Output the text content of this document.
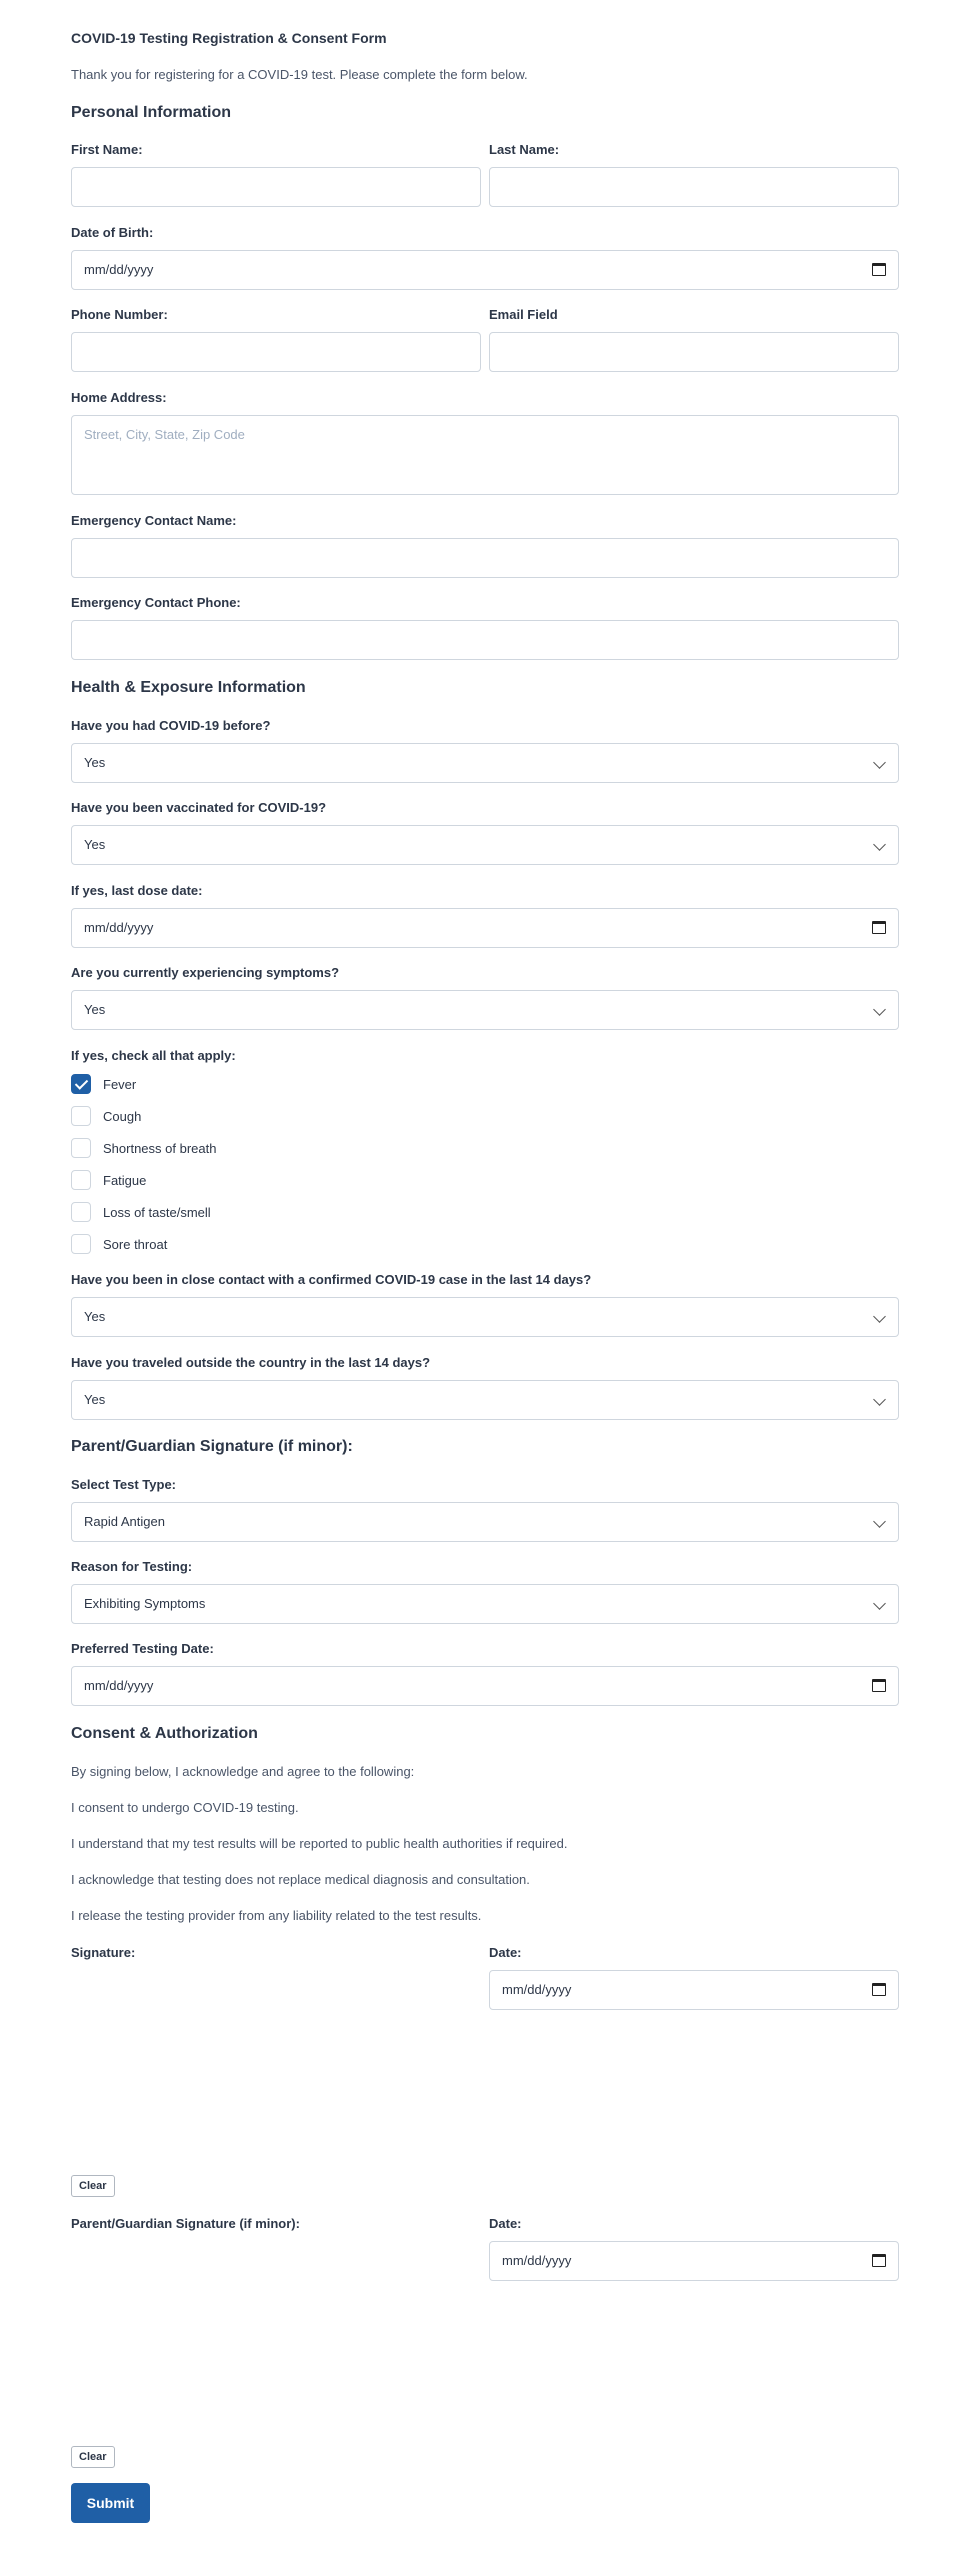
COVID-19 Testing Registration & Consent Form
Thank you for registering for a COVID-19 test. Please complete the form below.
Personal Information
First Name:	Last Name:
Date of Birth:
mm/dd/yyyy
Phone Number:	Email Field
Home Address:
Street, City, State, Zip Code
Emergency Contact Name:
Emergency Contact Phone:
Health & Exposure Information
Have you had COVID-19 before?
Yes
Have you been vaccinated for COVID-19?
Yes
If yes, last dose date:
mm/dd/yyyy
Are you currently experiencing symptoms?
Yes
If yes, check all that apply:
Fever
Cough
Shortness of breath
Fatigue
Loss of taste/smell
Sore throat
Have you been in close contact with a confirmed COVID-19 case in the last 14 days?
Yes
Have you traveled outside the country in the last 14 days?
Yes
Parent/Guardian Signature (if minor):
Select Test Type:
Rapid Antigen
Reason for Testing:
Exhibiting Symptoms
Preferred Testing Date:
mm/dd/yyyy
Consent & Authorization
By signing below, I acknowledge and agree to the following:
I consent to undergo COVID-19 testing.
I understand that my test results will be reported to public health authorities if required.
I acknowledge that testing does not replace medical diagnosis and consultation.
I release the testing provider from any liability related to the test results.
Signature:	Date:
mm/dd/yyyy
Clear
Parent/Guardian Signature (if minor):	Date:
mm/dd/yyyy
Clear
Submit
